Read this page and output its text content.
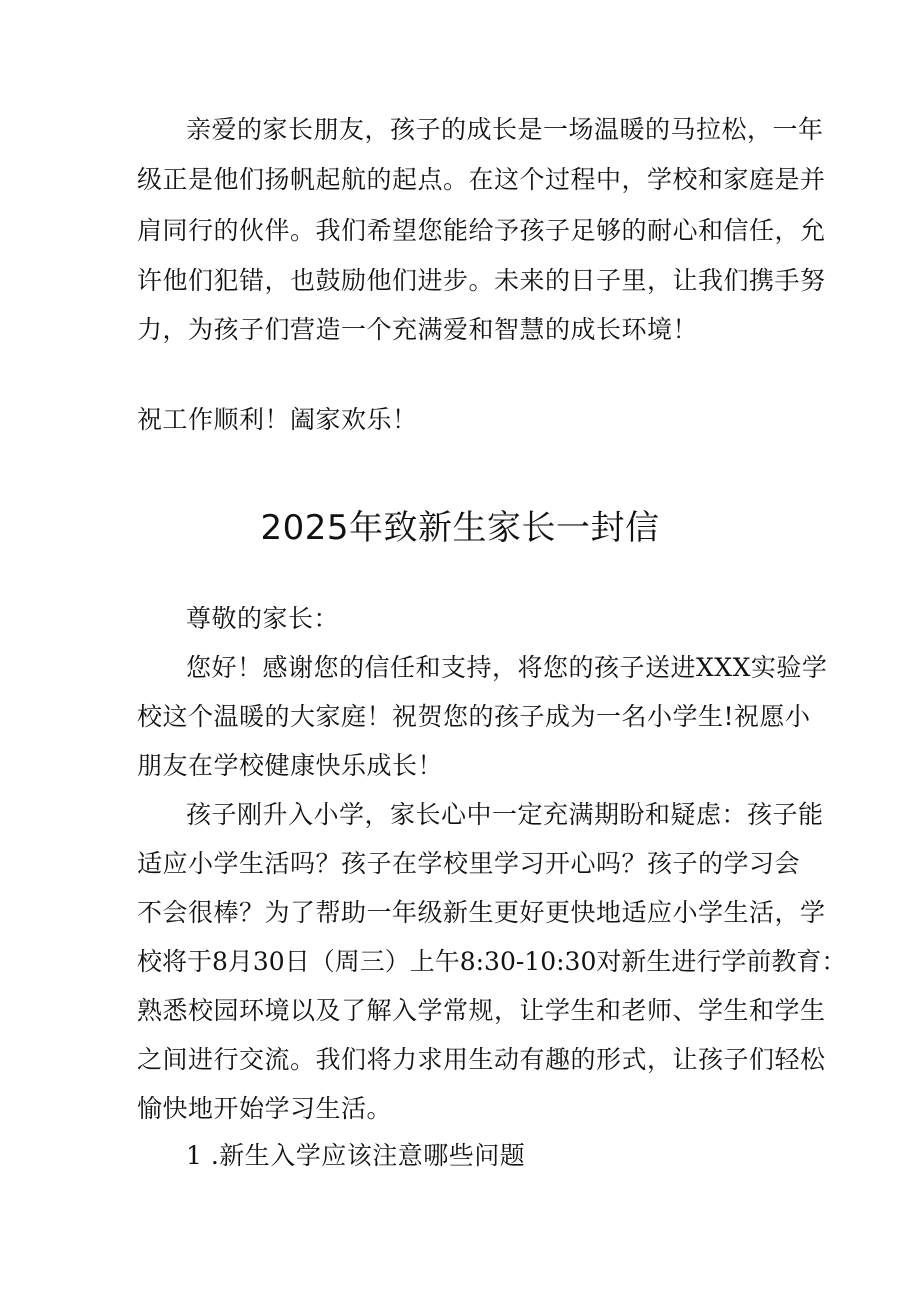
亲爱的家长朋友，孩子的成长是一场温暖的马拉松，一年
级正是他们扬帆起航的起点。在这个过程中，学校和家庭是并
肩同行的伙伴。我们希望您能给予孩子足够的耐心和信任，允
许他们犯错，也鼓励他们进步。未来的日子里，让我们携手努
力，为孩子们营造一个充满爱和智慧的成长环境！
祝工作顺利！阖家欢乐！
2025年致新生家长一封信
尊敬的家长：
您好！感谢您的信任和支持，将您的孩子送进XXX实验学
校这个温暖的大家庭！祝贺您的孩子成为一名小学生!祝愿小
朋友在学校健康快乐成长！
孩子刚升入小学，家长心中一定充满期盼和疑虑：孩子能
适应小学生活吗？孩子在学校里学习开心吗？孩子的学习会
不会很棒？为了帮助一年级新生更好更快地适应小学生活，学
校将于8月30日（周三）上午8:30-10:30对新生进行学前教育：
熟悉校园环境以及了解入学常规，让学生和老师、学生和学生
之间进行交流。我们将力求用生动有趣的形式，让孩子们轻松
愉快地开始学习生活。
1 .新生入学应该注意哪些问题
